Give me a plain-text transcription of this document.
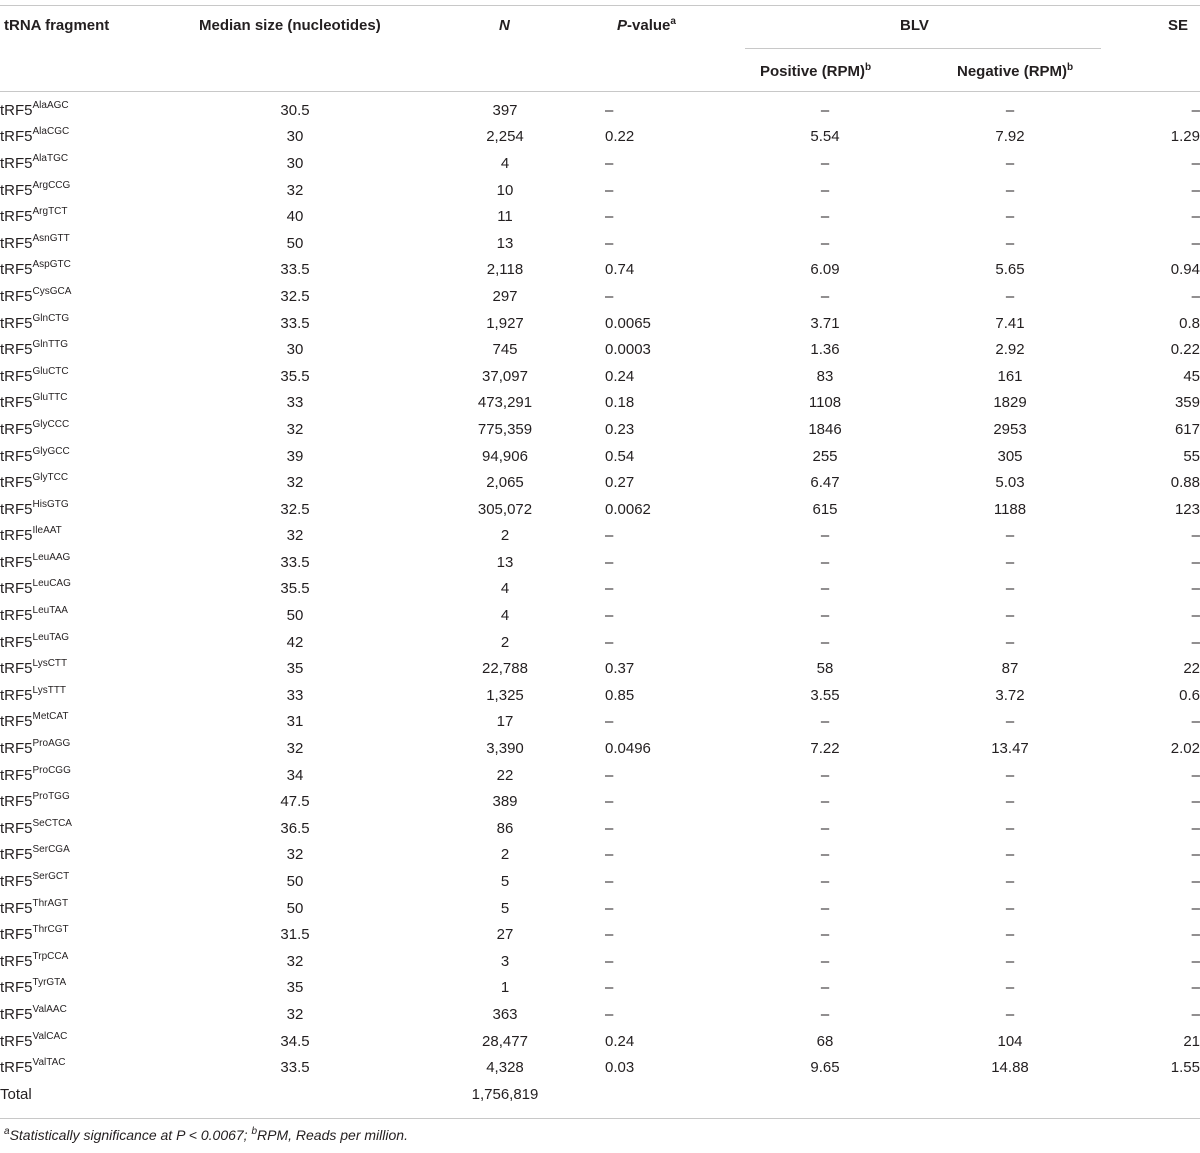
tRNA fragment	Median size (nucleotides)	N	P-value$^a$	BLV	SE
Positive (RPM)$^b$	Negative (RPM)$^b$
$tRF5^{AlaAGC}$	30.5	397	–	–	–	–
$tRF5^{AlaCGC}$	30	2,254	0.22	5.54	7.92	1.29
$tRF5^{AlaTGC}$	30	4	–	–	–	–
$tRF5^{ArgCCG}$	32	10	–	–	–	–
$tRF5^{ArgTCT}$	40	11	–	–	–	–
$tRF5^{AsnGTT}$	50	13	–	–	–	–
$tRF5^{AspGTC}$	33.5	2,118	0.74	6.09	5.65	0.94
$tRF5^{CysGCA}$	32.5	297	–	–	–	–
$tRF5^{GlnCTG}$	33.5	1,927	0.0065	3.71	7.41	0.8
$tRF5^{GlnTTG}$	30	745	0.0003	1.36	2.92	0.22
$tRF5^{GluCTC}$	35.5	37,097	0.24	83	161	45
$tRF5^{GluTTC}$	33	473,291	0.18	1108	1829	359
$tRF5^{GlyCCC}$	32	775,359	0.23	1846	2953	617
$tRF5^{GlyGCC}$	39	94,906	0.54	255	305	55
$tRF5^{GlyTCC}$	32	2,065	0.27	6.47	5.03	0.88
$tRF5^{HisGTG}$	32.5	305,072	0.0062	615	1188	123
$tRF5^{IleAAT}$	32	2	–	–	–	–
$tRF5^{LeuAAG}$	33.5	13	–	–	–	–
$tRF5^{LeuCAG}$	35.5	4	–	–	–	–
$tRF5^{LeuTAA}$	50	4	–	–	–	–
$tRF5^{LeuTAG}$	42	2	–	–	–	–
$tRF5^{LysCTT}$	35	22,788	0.37	58	87	22
$tRF5^{LysTTT}$	33	1,325	0.85	3.55	3.72	0.6
$tRF5^{MetCAT}$	31	17	–	–	–	–
$tRF5^{ProAGG}$	32	3,390	0.0496	7.22	13.47	2.02
$tRF5^{ProCGG}$	34	22	–	–	–	–
$tRF5^{ProTGG}$	47.5	389	–	–	–	–
$tRF5^{SeCTCA}$	36.5	86	–	–	–	–
$tRF5^{SerCGA}$	32	2	–	–	–	–
$tRF5^{SerGCT}$	50	5	–	–	–	–
$tRF5^{ThrAGT}$	50	5	–	–	–	–
$tRF5^{ThrCGT}$	31.5	27	–	–	–	–
$tRF5^{TrpCCA}$	32	3	–	–	–	–
$tRF5^{TyrGTA}$	35	1	–	–	–	–
$tRF5^{ValAAC}$	32	363	–	–	–	–
$tRF5^{ValCAC}$	34.5	28,477	0.24	68	104	21
$tRF5^{ValTAC}$	33.5	4,328	0.03	9.65	14.88	1.55
Total		1,756,819				
$^a$Statistically significance at P < 0.0067; $^b$RPM, Reads per million.
